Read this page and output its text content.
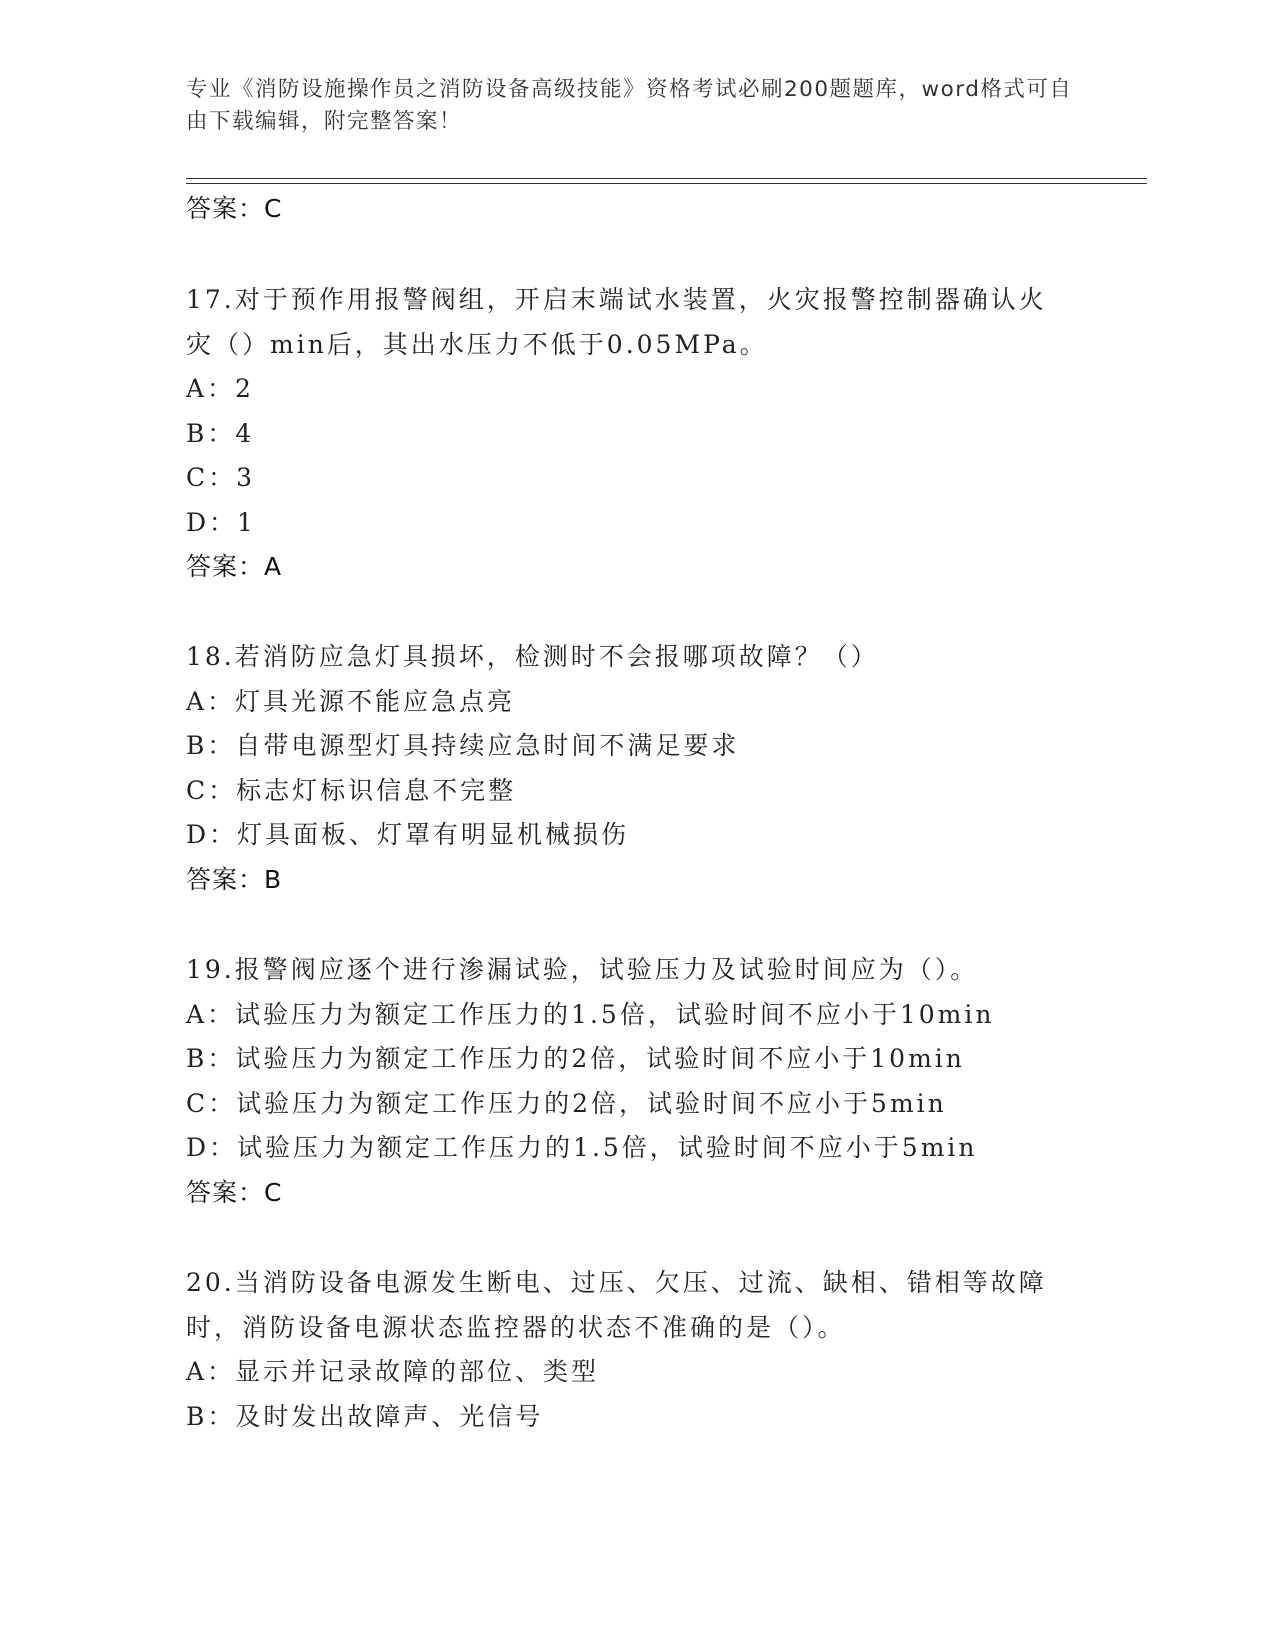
专业《消防设施操作员之消防设备高级技能》资格考试必刷200题题库，word格式可自由下载编辑，附完整答案！
答案：C
17.对于预作用报警阀组，开启末端试水装置，火灾报警控制器确认火
灾（）min后，其出水压力不低于0.05MPa。
A：2
B：4
C：3
D：1
答案：A
18.若消防应急灯具损坏，检测时不会报哪项故障？（）
A：灯具光源不能应急点亮
B：自带电源型灯具持续应急时间不满足要求
C：标志灯标识信息不完整
D：灯具面板、灯罩有明显机械损伤
答案：B
19.报警阀应逐个进行渗漏试验，试验压力及试验时间应为（）。
A：试验压力为额定工作压力的1.5倍，试验时间不应小于10min
B：试验压力为额定工作压力的2倍，试验时间不应小于10min
C：试验压力为额定工作压力的2倍，试验时间不应小于5min
D：试验压力为额定工作压力的1.5倍，试验时间不应小于5min
答案：C
20.当消防设备电源发生断电、过压、欠压、过流、缺相、错相等故障
时，消防设备电源状态监控器的状态不准确的是（）。
A：显示并记录故障的部位、类型
B：及时发出故障声、光信号
